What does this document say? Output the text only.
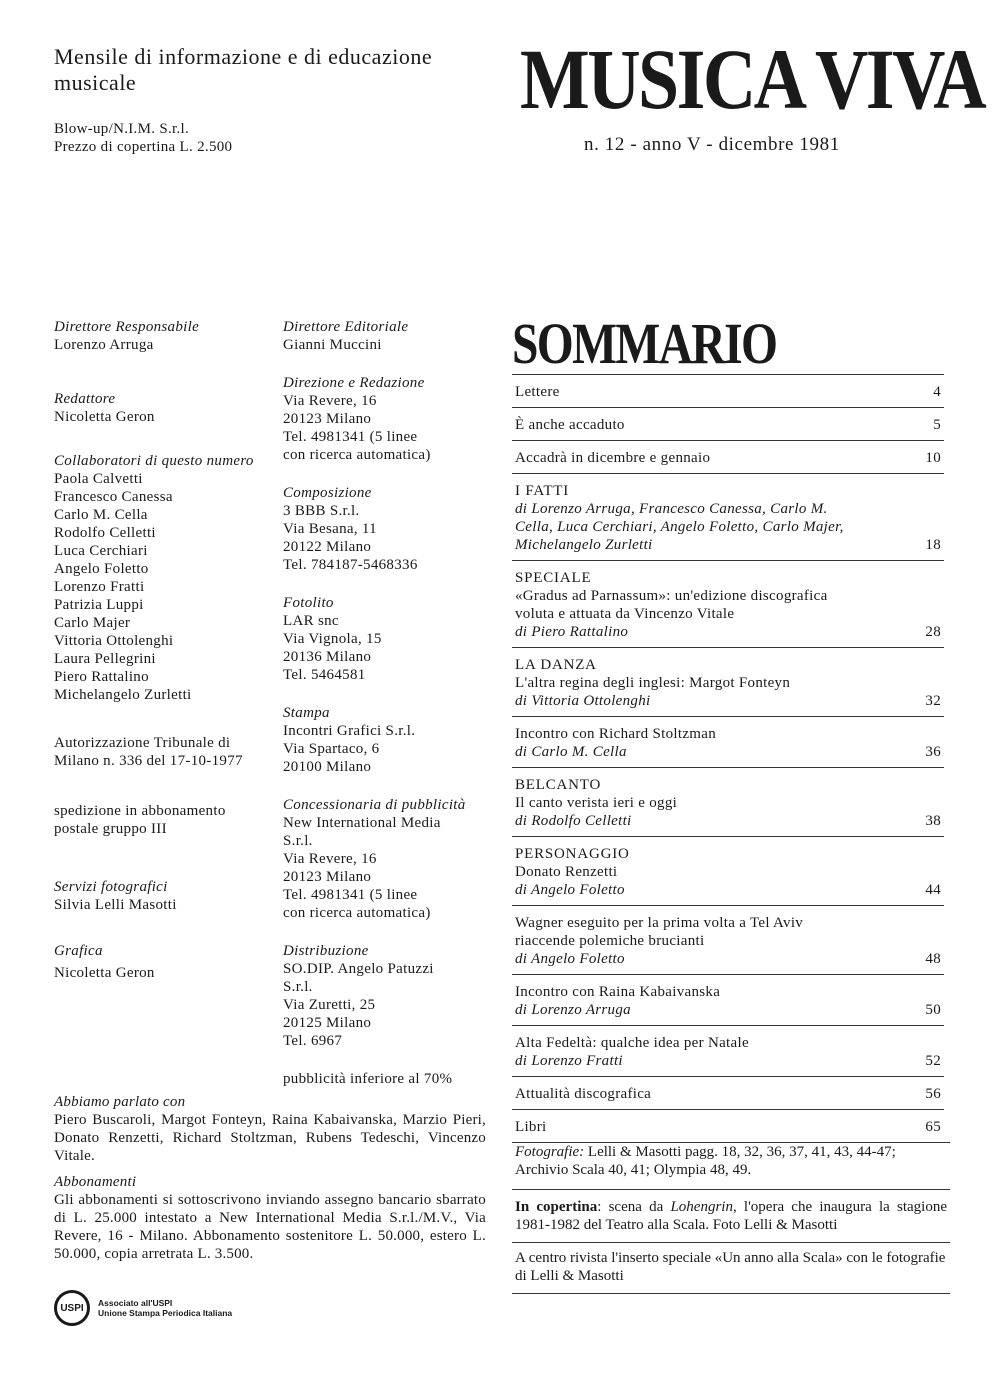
Mensile di informazione e di educazione musicale
Blow-up/N.I.M. S.r.l.
Prezzo di copertina L. 2.500
MUSICA VIVA
n. 12 - anno V - dicembre 1981
Direttore Responsabile
Lorenzo Arruga
Redattore
Nicoletta Geron
Collaboratori di questo numero
Paola Calvetti
Francesco Canessa
Carlo M. Cella
Rodolfo Celletti
Luca Cerchiari
Angelo Foletto
Lorenzo Fratti
Patrizia Luppi
Carlo Majer
Vittoria Ottolenghi
Laura Pellegrini
Piero Rattalino
Michelangelo Zurletti
Autorizzazione Tribunale di Milano n. 336 del 17-10-1977
spedizione in abbonamento postale gruppo III
Servizi fotografici
Silvia Lelli Masotti
Grafica
Nicoletta Geron
Direttore Editoriale
Gianni Muccini
Direzione e Redazione
Via Revere, 16
20123 Milano
Tel. 4981341 (5 linee
con ricerca automatica)
Composizione
3 BBB S.r.l.
Via Besana, 11
20122 Milano
Tel. 784187-5468336
Fotolito
LAR snc
Via Vignola, 15
20136 Milano
Tel. 5464581
Stampa
Incontri Grafici S.r.l.
Via Spartaco, 6
20100 Milano
Concessionaria di pubblicità
New International Media
S.r.l.
Via Revere, 16
20123 Milano
Tel. 4981341 (5 linee
con ricerca automatica)
Distribuzione
SO.DIP. Angelo Patuzzi
S.r.l.
Via Zuretti, 25
20125 Milano
Tel. 6967
pubblicità inferiore al 70%
Abbiamo parlato con
Piero Buscaroli, Margot Fonteyn, Raina Kabaivanska, Marzio Pieri, Donato Renzetti, Richard Stoltzman, Rubens Tedeschi, Vincenzo Vitale.
Abbonamenti
Gli abbonamenti si sottoscrivono inviando assegno bancario sbarrato di L. 25.000 intestato a New International Media S.r.l./M.V., Via Revere, 16 - Milano. Abbonamento sostenitore L. 50.000, estero L. 50.000, copia arretrata L. 3.500.
USPI	Associato all'USPI
Unione Stampa Periodica Italiana
SOMMARIO
Lettere	4
È anche accaduto	5
Accadrà in dicembre e gennaio	10
I FATTI
di Lorenzo Arruga, Francesco Canessa, Carlo M.
Cella, Luca Cerchiari, Angelo Foletto, Carlo Majer,
Michelangelo Zurletti	18
SPECIALE
«Gradus ad Parnassum»: un'edizione discografica
voluta e attuata da Vincenzo Vitale
di Piero Rattalino	28
LA DANZA
L'altra regina degli inglesi: Margot Fonteyn
di Vittoria Ottolenghi	32
Incontro con Richard Stoltzman
di Carlo M. Cella	36
BELCANTO
Il canto verista ieri e oggi
di Rodolfo Celletti	38
PERSONAGGIO
Donato Renzetti
di Angelo Foletto	44
Wagner eseguito per la prima volta a Tel Aviv
riaccende polemiche brucianti
di Angelo Foletto	48
Incontro con Raina Kabaivanska
di Lorenzo Arruga	50
Alta Fedeltà: qualche idea per Natale
di Lorenzo Fratti	52
Attualità discografica	56
Libri	65
Fotografie: Lelli & Masotti pagg. 18, 32, 36, 37, 41, 43, 44-47; Archivio Scala 40, 41; Olympia 48, 49.
In copertina: scena da Lohengrin, l'opera che inaugura la stagione 1981-1982 del Teatro alla Scala. Foto Lelli & Masotti
A centro rivista l'inserto speciale «Un anno alla Scala» con le fotografie di Lelli & Masotti
